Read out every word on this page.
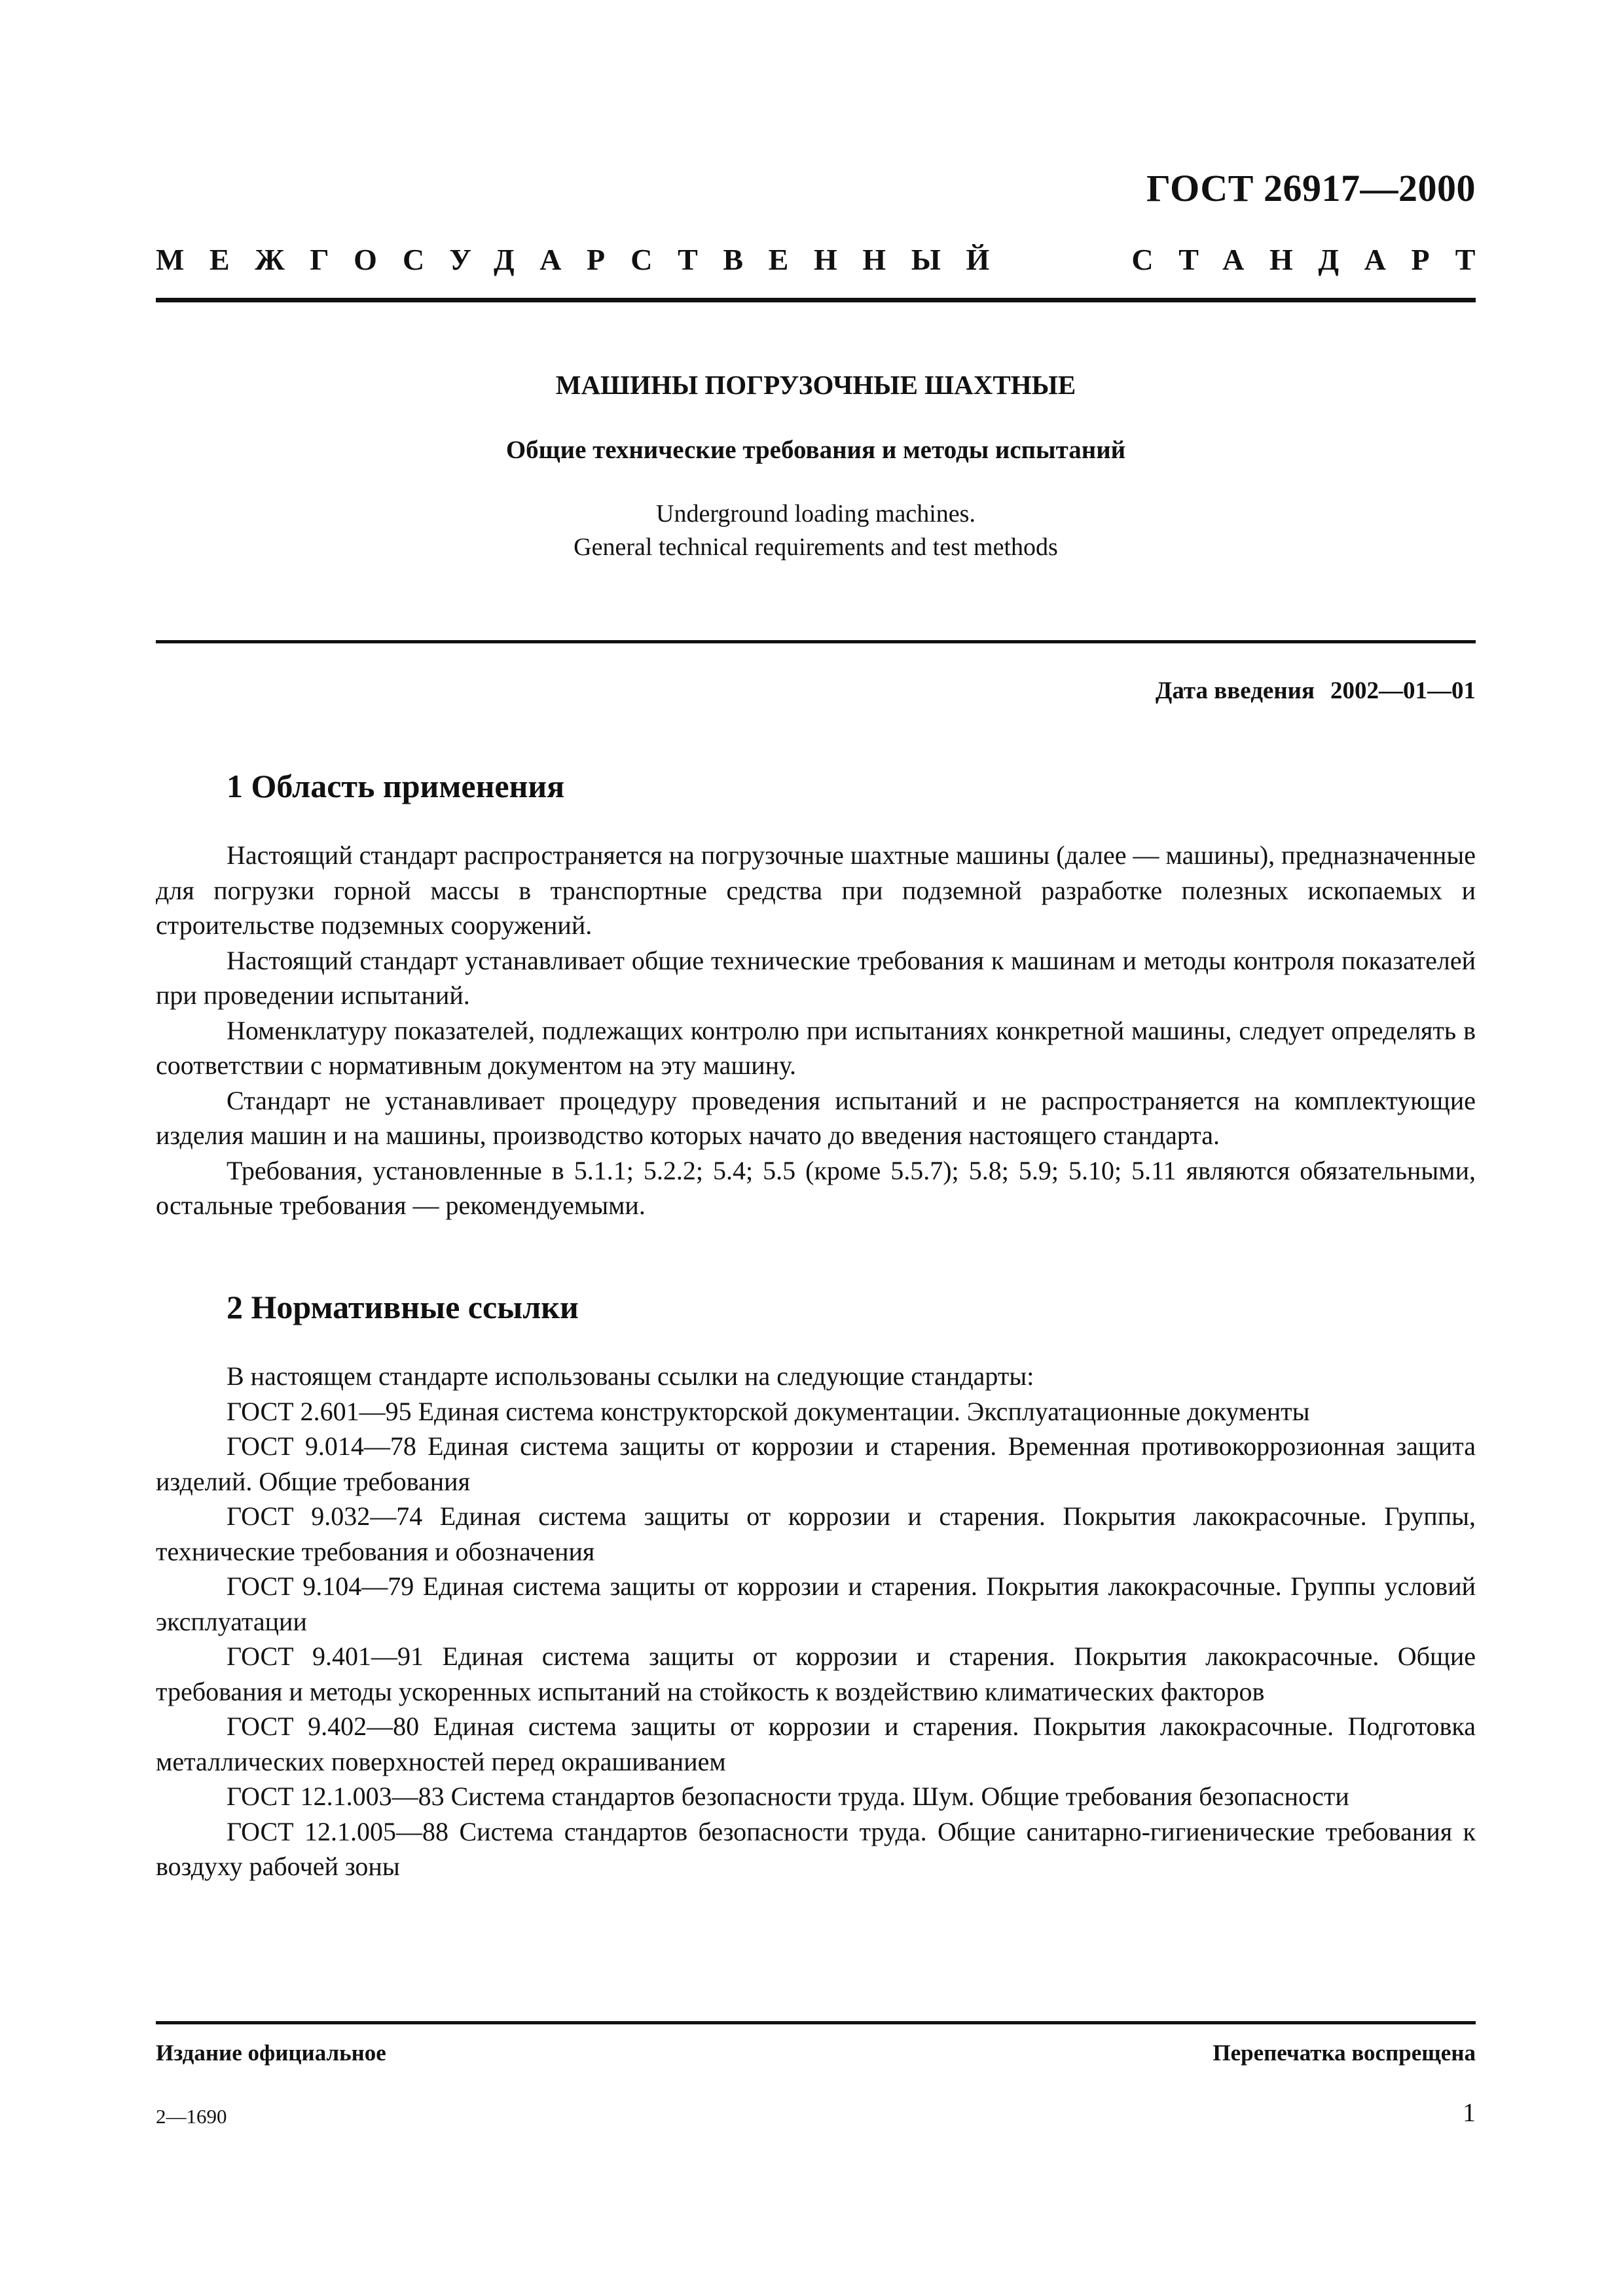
ГОСТ 26917—2000
МЕЖГОСУДАРСТВЕННЫЙ	СТАНДАРТ
МАШИНЫ ПОГРУЗОЧНЫЕ ШАХТНЫЕ
Общие технические требования и методы испытаний
Underground loading machines.
General technical requirements and test methods
Дата введения 2002—01—01
1 Область применения

Настоящий стандарт распространяется на погрузочные шахтные машины (далее — машины), предназначенные для погрузки горной массы в транспортные средства при подземной разработке полезных ископаемых и строительстве подземных сооружений.

Настоящий стандарт устанавливает общие технические требования к машинам и методы контроля показателей при проведении испытаний.

Номенклатуру показателей, подлежащих контролю при испытаниях конкретной машины, следует определять в соответствии с нормативным документом на эту машину.

Стандарт не устанавливает процедуру проведения испытаний и не распространяется на комплектующие изделия машин и на машины, производство которых начато до введения настоящего стандарта.

Требования, установленные в 5.1.1; 5.2.2; 5.4; 5.5 (кроме 5.5.7); 5.8; 5.9; 5.10; 5.11 являются обязательными, остальные требования — рекомендуемыми.

2 Нормативные ссылки

В настоящем стандарте использованы ссылки на следующие стандарты:

ГОСТ 2.601—95 Единая система конструкторской документации. Эксплуатационные документы

ГОСТ 9.014—78 Единая система защиты от коррозии и старения. Временная противокоррозионная защита изделий. Общие требования

ГОСТ 9.032—74 Единая система защиты от коррозии и старения. Покрытия лакокрасочные. Группы, технические требования и обозначения

ГОСТ 9.104—79 Единая система защиты от коррозии и старения. Покрытия лакокрасочные. Группы условий эксплуатации

ГОСТ 9.401—91 Единая система защиты от коррозии и старения. Покрытия лакокрасочные. Общие требования и методы ускоренных испытаний на стойкость к воздействию климатических факторов

ГОСТ 9.402—80 Единая система защиты от коррозии и старения. Покрытия лакокрасочные. Подготовка металлических поверхностей перед окрашиванием

ГОСТ 12.1.003—83 Система стандартов безопасности труда. Шум. Общие требования безопасности

ГОСТ 12.1.005—88 Система стандартов безопасности труда. Общие санитарно-гигиенические требования к воздуху рабочей зоны

Издание официальное	Перепечатка воспрещена
2—1690	1
